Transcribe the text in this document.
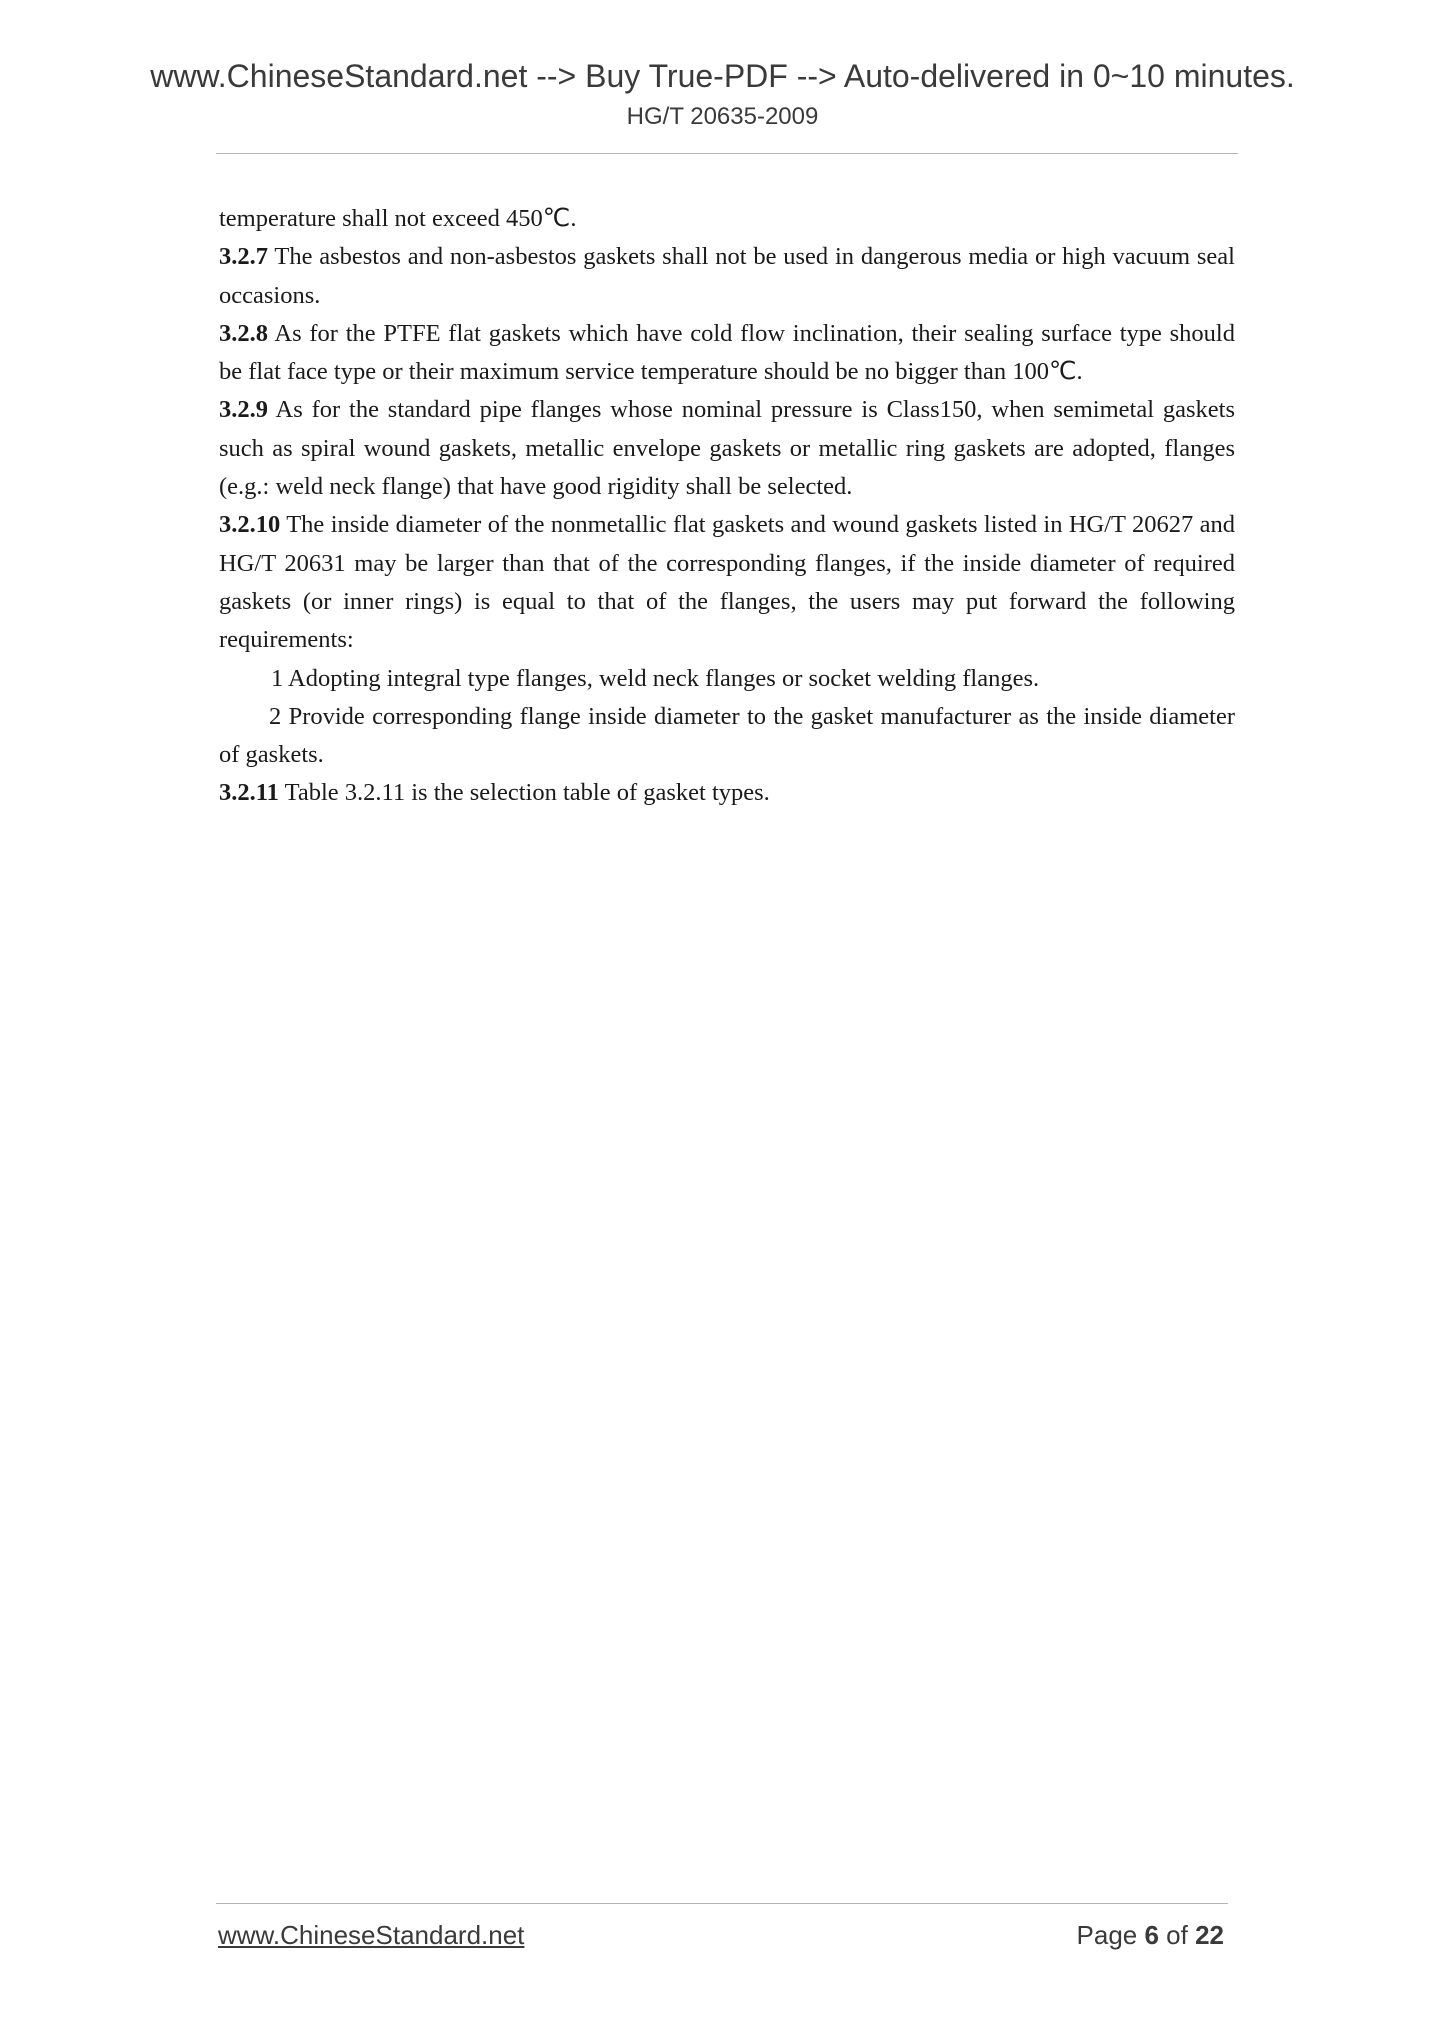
www.ChineseStandard.net --> Buy True-PDF --> Auto-delivered in 0~10 minutes.
HG/T 20635-2009

temperature shall not exceed 450℃.

3.2.7 The asbestos and non-asbestos gaskets shall not be used in dangerous media or high vacuum seal occasions.

3.2.8 As for the PTFE flat gaskets which have cold flow inclination, their sealing surface type should be flat face type or their maximum service temperature should be no bigger than 100℃.

3.2.9 As for the standard pipe flanges whose nominal pressure is Class150, when semimetal gaskets such as spiral wound gaskets, metallic envelope gaskets or metallic ring gaskets are adopted, flanges (e.g.: weld neck flange) that have good rigidity shall be selected.

3.2.10 The inside diameter of the nonmetallic flat gaskets and wound gaskets listed in HG/T 20627 and HG/T 20631 may be larger than that of the corresponding flanges, if the inside diameter of required gaskets (or inner rings) is equal to that of the flanges, the users may put forward the following requirements:

1 Adopting integral type flanges, weld neck flanges or socket welding flanges.

2 Provide corresponding flange inside diameter to the gasket manufacturer as the inside diameter of gaskets.

3.2.11 Table 3.2.11 is the selection table of gasket types.

www.ChineseStandard.net	Page 6 of 22
